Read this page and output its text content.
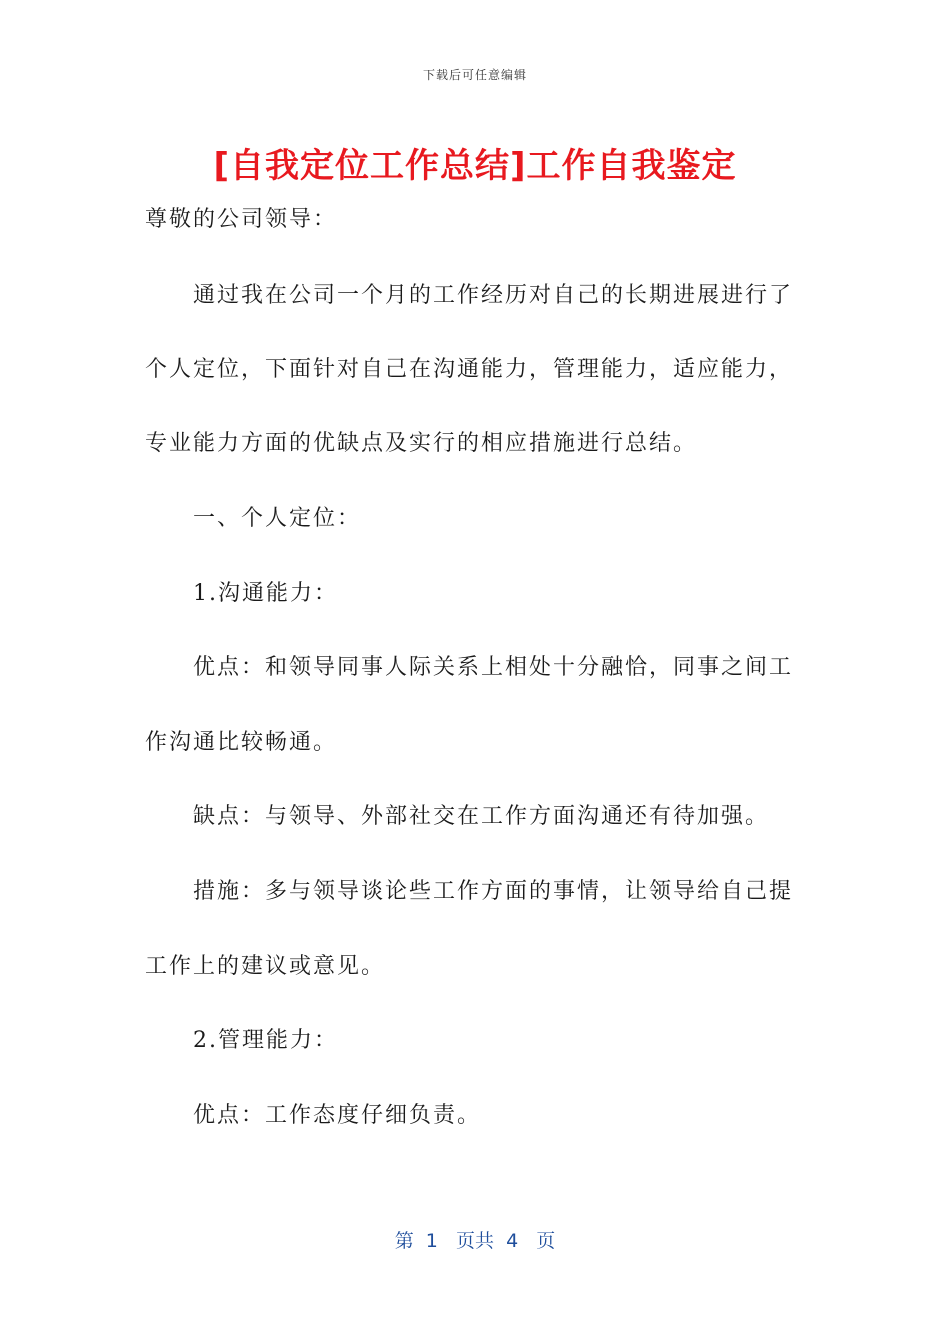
下载后可任意编辑
[自我定位工作总结]工作自我鉴定
尊敬的公司领导：
通过我在公司一个月的工作经历对自己的长期进展进行了
个人定位，下面针对自己在沟通能力，管理能力，适应能力，
专业能力方面的优缺点及实行的相应措施进行总结。
一、个人定位：
1.沟通能力：
优点：和领导同事人际关系上相处十分融恰，同事之间工
作沟通比较畅通。
缺点：与领导、外部社交在工作方面沟通还有待加强。
措施：多与领导谈论些工作方面的事情，让领导给自己提
工作上的建议或意见。
2.管理能力：
优点：工作态度仔细负责。
第  1   页共  4   页
